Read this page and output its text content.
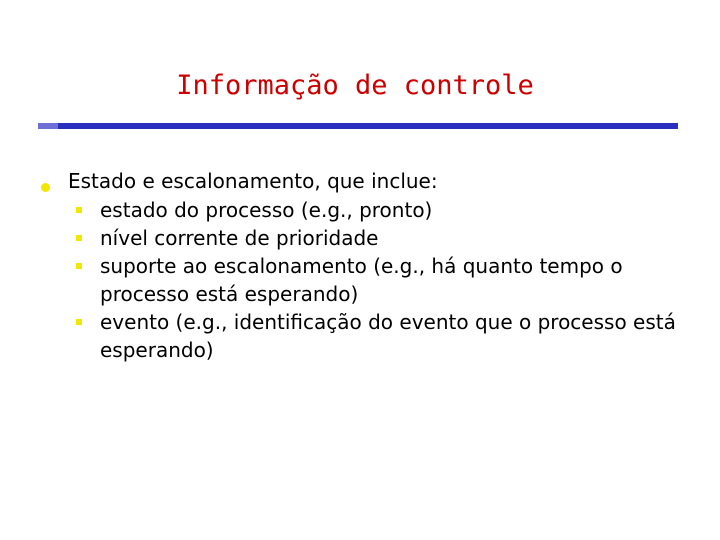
Informação de controle
Estado e escalonamento, que inclue:
estado do processo (e.g., pronto)
nível corrente de prioridade
suporte ao escalonamento (e.g., há quanto tempo o processo está esperando)
evento (e.g., identificação do evento que o processo está esperando)
